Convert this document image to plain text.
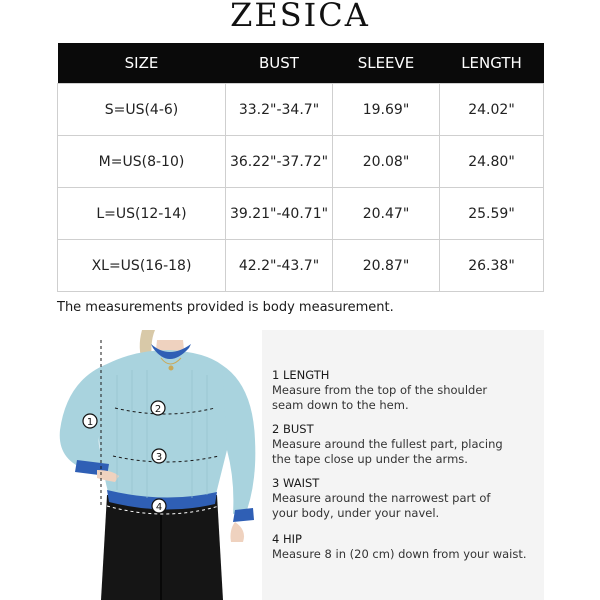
ZESICA
SIZE	BUST	SLEEVE	LENGTH
S=US(4-6)	33.2"-34.7"	19.69"	24.02"
M=US(8-10)	36.22"-37.72"	20.08"	24.80"
L=US(12-14)	39.21"-40.71"	20.47"	25.59"
XL=US(16-18)	42.2"-43.7"	20.87"	26.38"
The measurements provided is body measurement.
1
2
3
4
1 LENGTH
Measure from the top of the shoulder
seam down to the hem.
2 BUST
Measure around the fullest part, placing
the tape close up under the arms.
3 WAIST
Measure around the narrowest part of
your body, under your navel.
4 HIP
Measure 8 in (20 cm) down from your waist.
